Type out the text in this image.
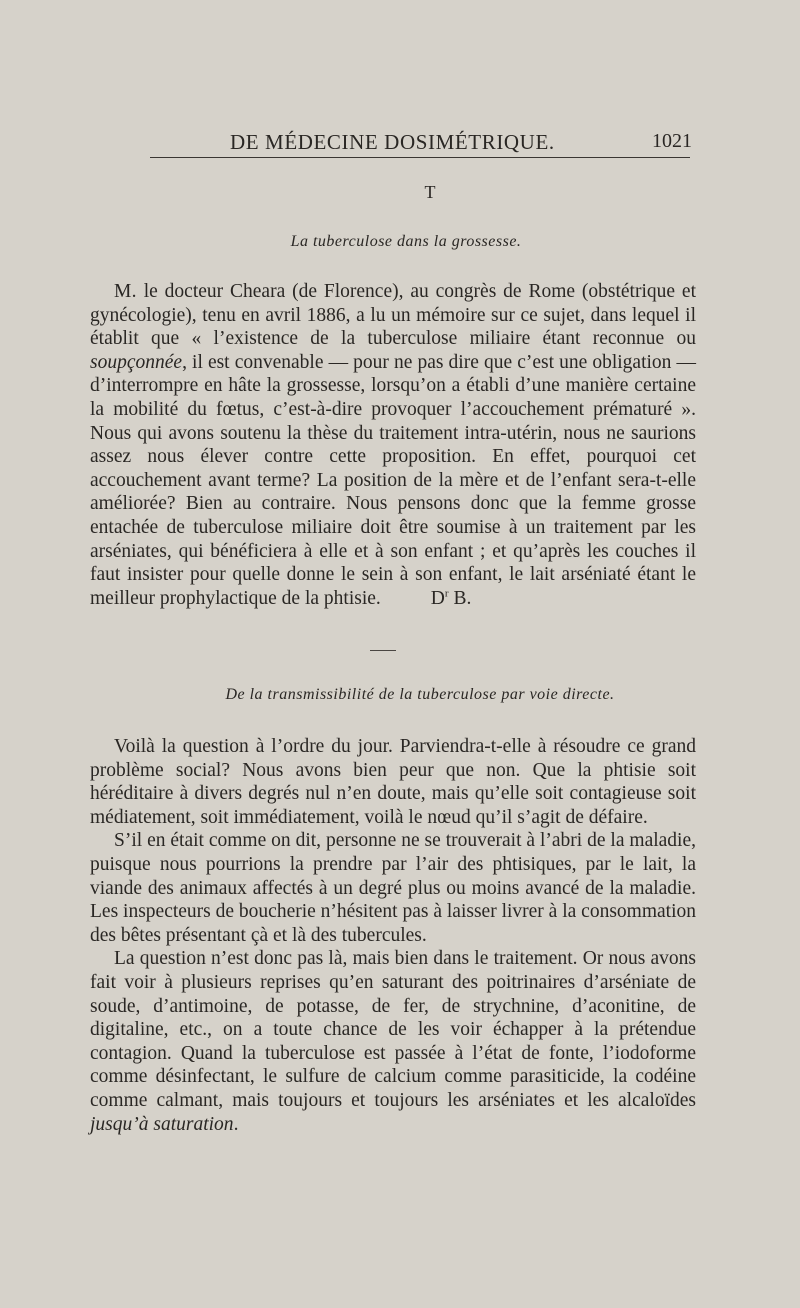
DE MÉDECINE DOSIMÉTRIQUE.	1021
T
La tuberculose dans la grossesse.

M. le docteur Cheara (de Florence), au congrès de Rome (obstétrique et gynécologie), tenu en avril 1886, a lu un mémoire sur ce sujet, dans lequel il établit que « l’existence de la tuberculose miliaire étant reconnue ou soupçonnée, il est convenable — pour ne pas dire que c’est une obligation — d’interrompre en hâte la grossesse, lorsqu’on a établi d’une manière certaine la mobilité du fœtus, c’est-à-dire provoquer l’accouchement prématuré ». Nous qui avons soutenu la thèse du traitement intra-utérin, nous ne saurions assez nous élever contre cette proposition. En effet, pourquoi cet accouchement avant terme? La position de la mère et de l’enfant sera-t-elle améliorée? Bien au contraire. Nous pensons donc que la femme grosse entachée de tuberculose miliaire doit être soumise à un traitement par les arséniates, qui bénéficiera à elle et à son enfant ; et qu’après les couches il faut insister pour quelle donne le sein à son enfant, le lait arséniaté étant le meilleur prophylactique de la phtisie.	$D^r$ B.

De la transmissibilité de la tuberculose par voie directe.

Voilà la question à l’ordre du jour. Parviendra-t-elle à résoudre ce grand problème social? Nous avons bien peur que non. Que la phtisie soit héréditaire à divers degrés nul n’en doute, mais qu’elle soit contagieuse soit médiatement, soit immédiatement, voilà le nœud qu’il s’agit de défaire.

S’il en était comme on dit, personne ne se trouverait à l’abri de la maladie, puisque nous pourrions la prendre par l’air des phtisiques, par le lait, la viande des animaux affectés à un degré plus ou moins avancé de la maladie. Les inspecteurs de boucherie n’hésitent pas à laisser livrer à la consommation des bêtes présentant çà et là des tubercules.

La question n’est donc pas là, mais bien dans le traitement. Or nous avons fait voir à plusieurs reprises qu’en saturant des poitrinaires d’arséniate de soude, d’antimoine, de potasse, de fer, de strychnine, d’aconitine, de digitaline, etc., on a toute chance de les voir échapper à la prétendue contagion. Quand la tuberculose est passée à l’état de fonte, l’iodoforme comme désinfectant, le sulfure de calcium comme parasiticide, la codéine comme calmant, mais toujours et toujours les arséniates et les alcaloïdes jusqu’à saturation.
